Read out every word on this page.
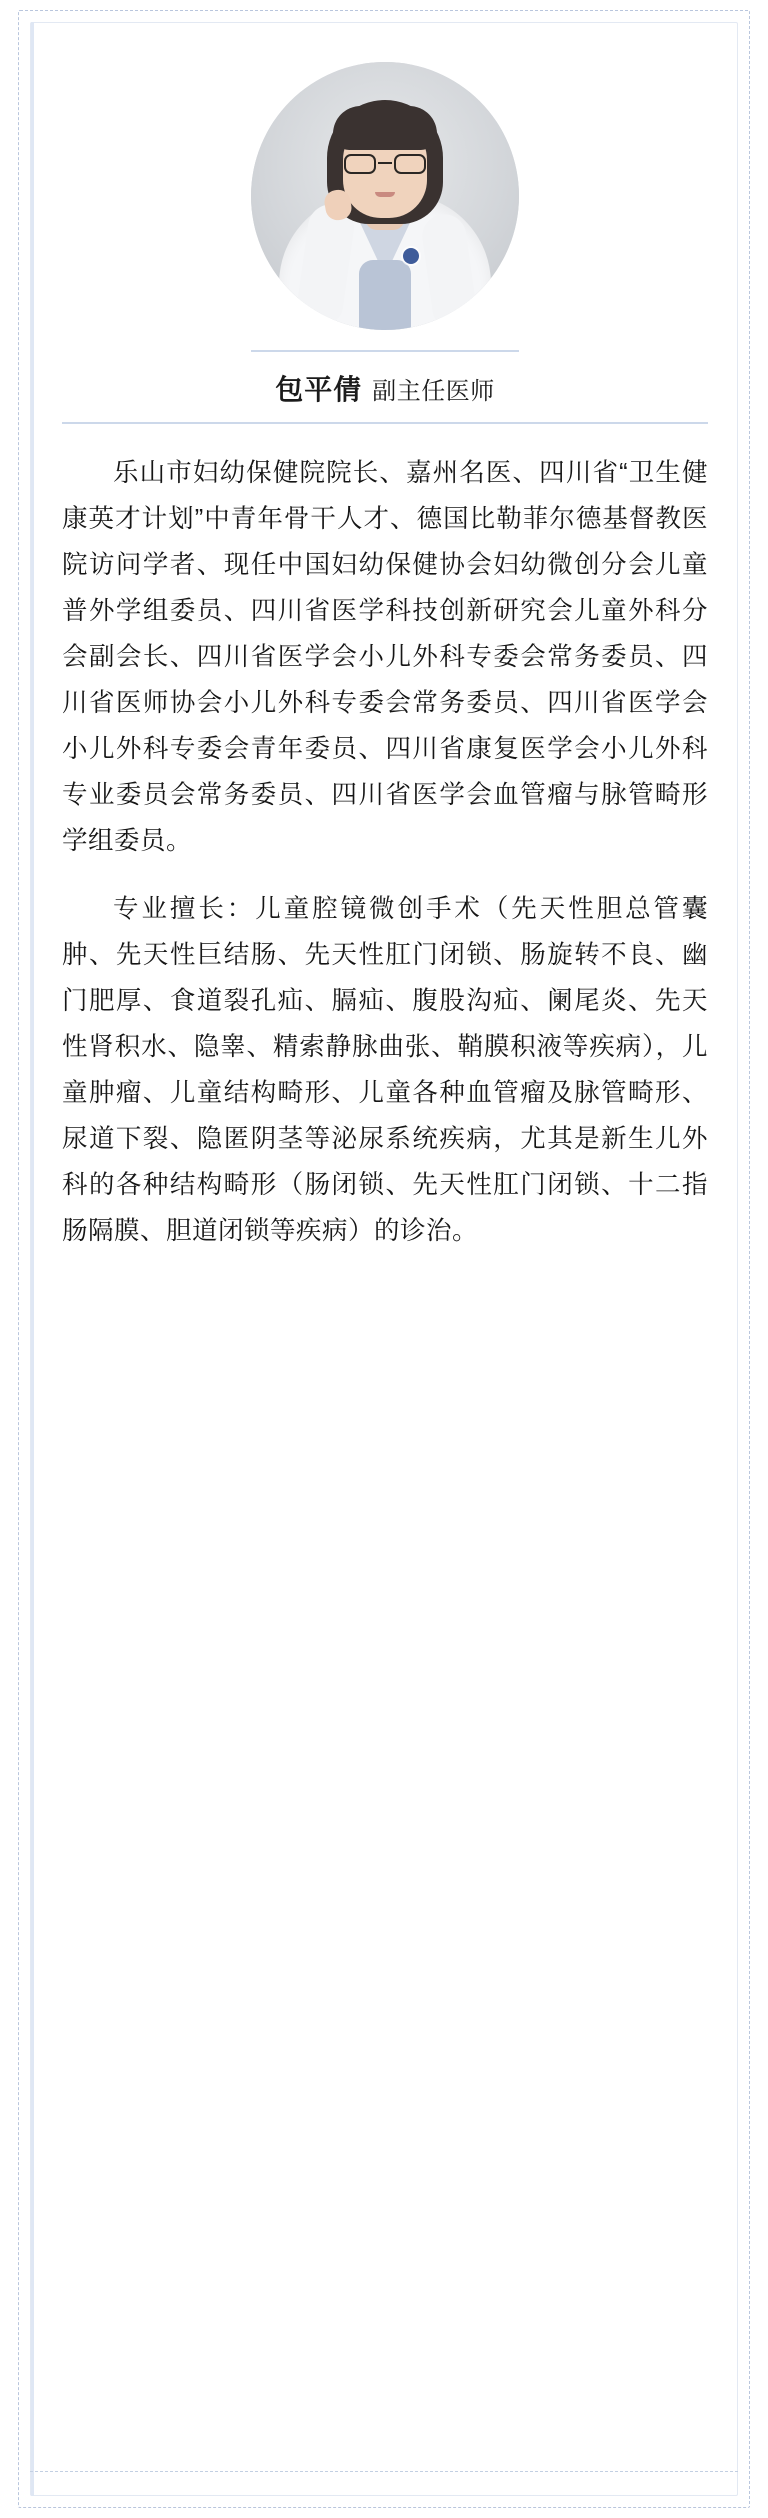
包平倩 副主任医师

乐山市妇幼保健院院长、嘉州名医、四川省“卫生健康英才计划”中青年骨干人才、德国比勒菲尔德基督教医院访问学者、现任中国妇幼保健协会妇幼微创分会儿童普外学组委员、四川省医学科技创新研究会儿童外科分会副会长、四川省医学会小儿外科专委会常务委员、四川省医师协会小儿外科专委会常务委员、四川省医学会小儿外科专委会青年委员、四川省康复医学会小儿外科专业委员会常务委员、四川省医学会血管瘤与脉管畸形学组委员。

专业擅长：儿童腔镜微创手术（先天性胆总管囊肿、先天性巨结肠、先天性肛门闭锁、肠旋转不良、幽门肥厚、食道裂孔疝、膈疝、腹股沟疝、阑尾炎、先天性肾积水、隐睾、精索静脉曲张、鞘膜积液等疾病），儿童肿瘤、儿童结构畸形、儿童各种血管瘤及脉管畸形、尿道下裂、隐匿阴茎等泌尿系统疾病，尤其是新生儿外科的各种结构畸形（肠闭锁、先天性肛门闭锁、十二指肠隔膜、胆道闭锁等疾病）的诊治。
